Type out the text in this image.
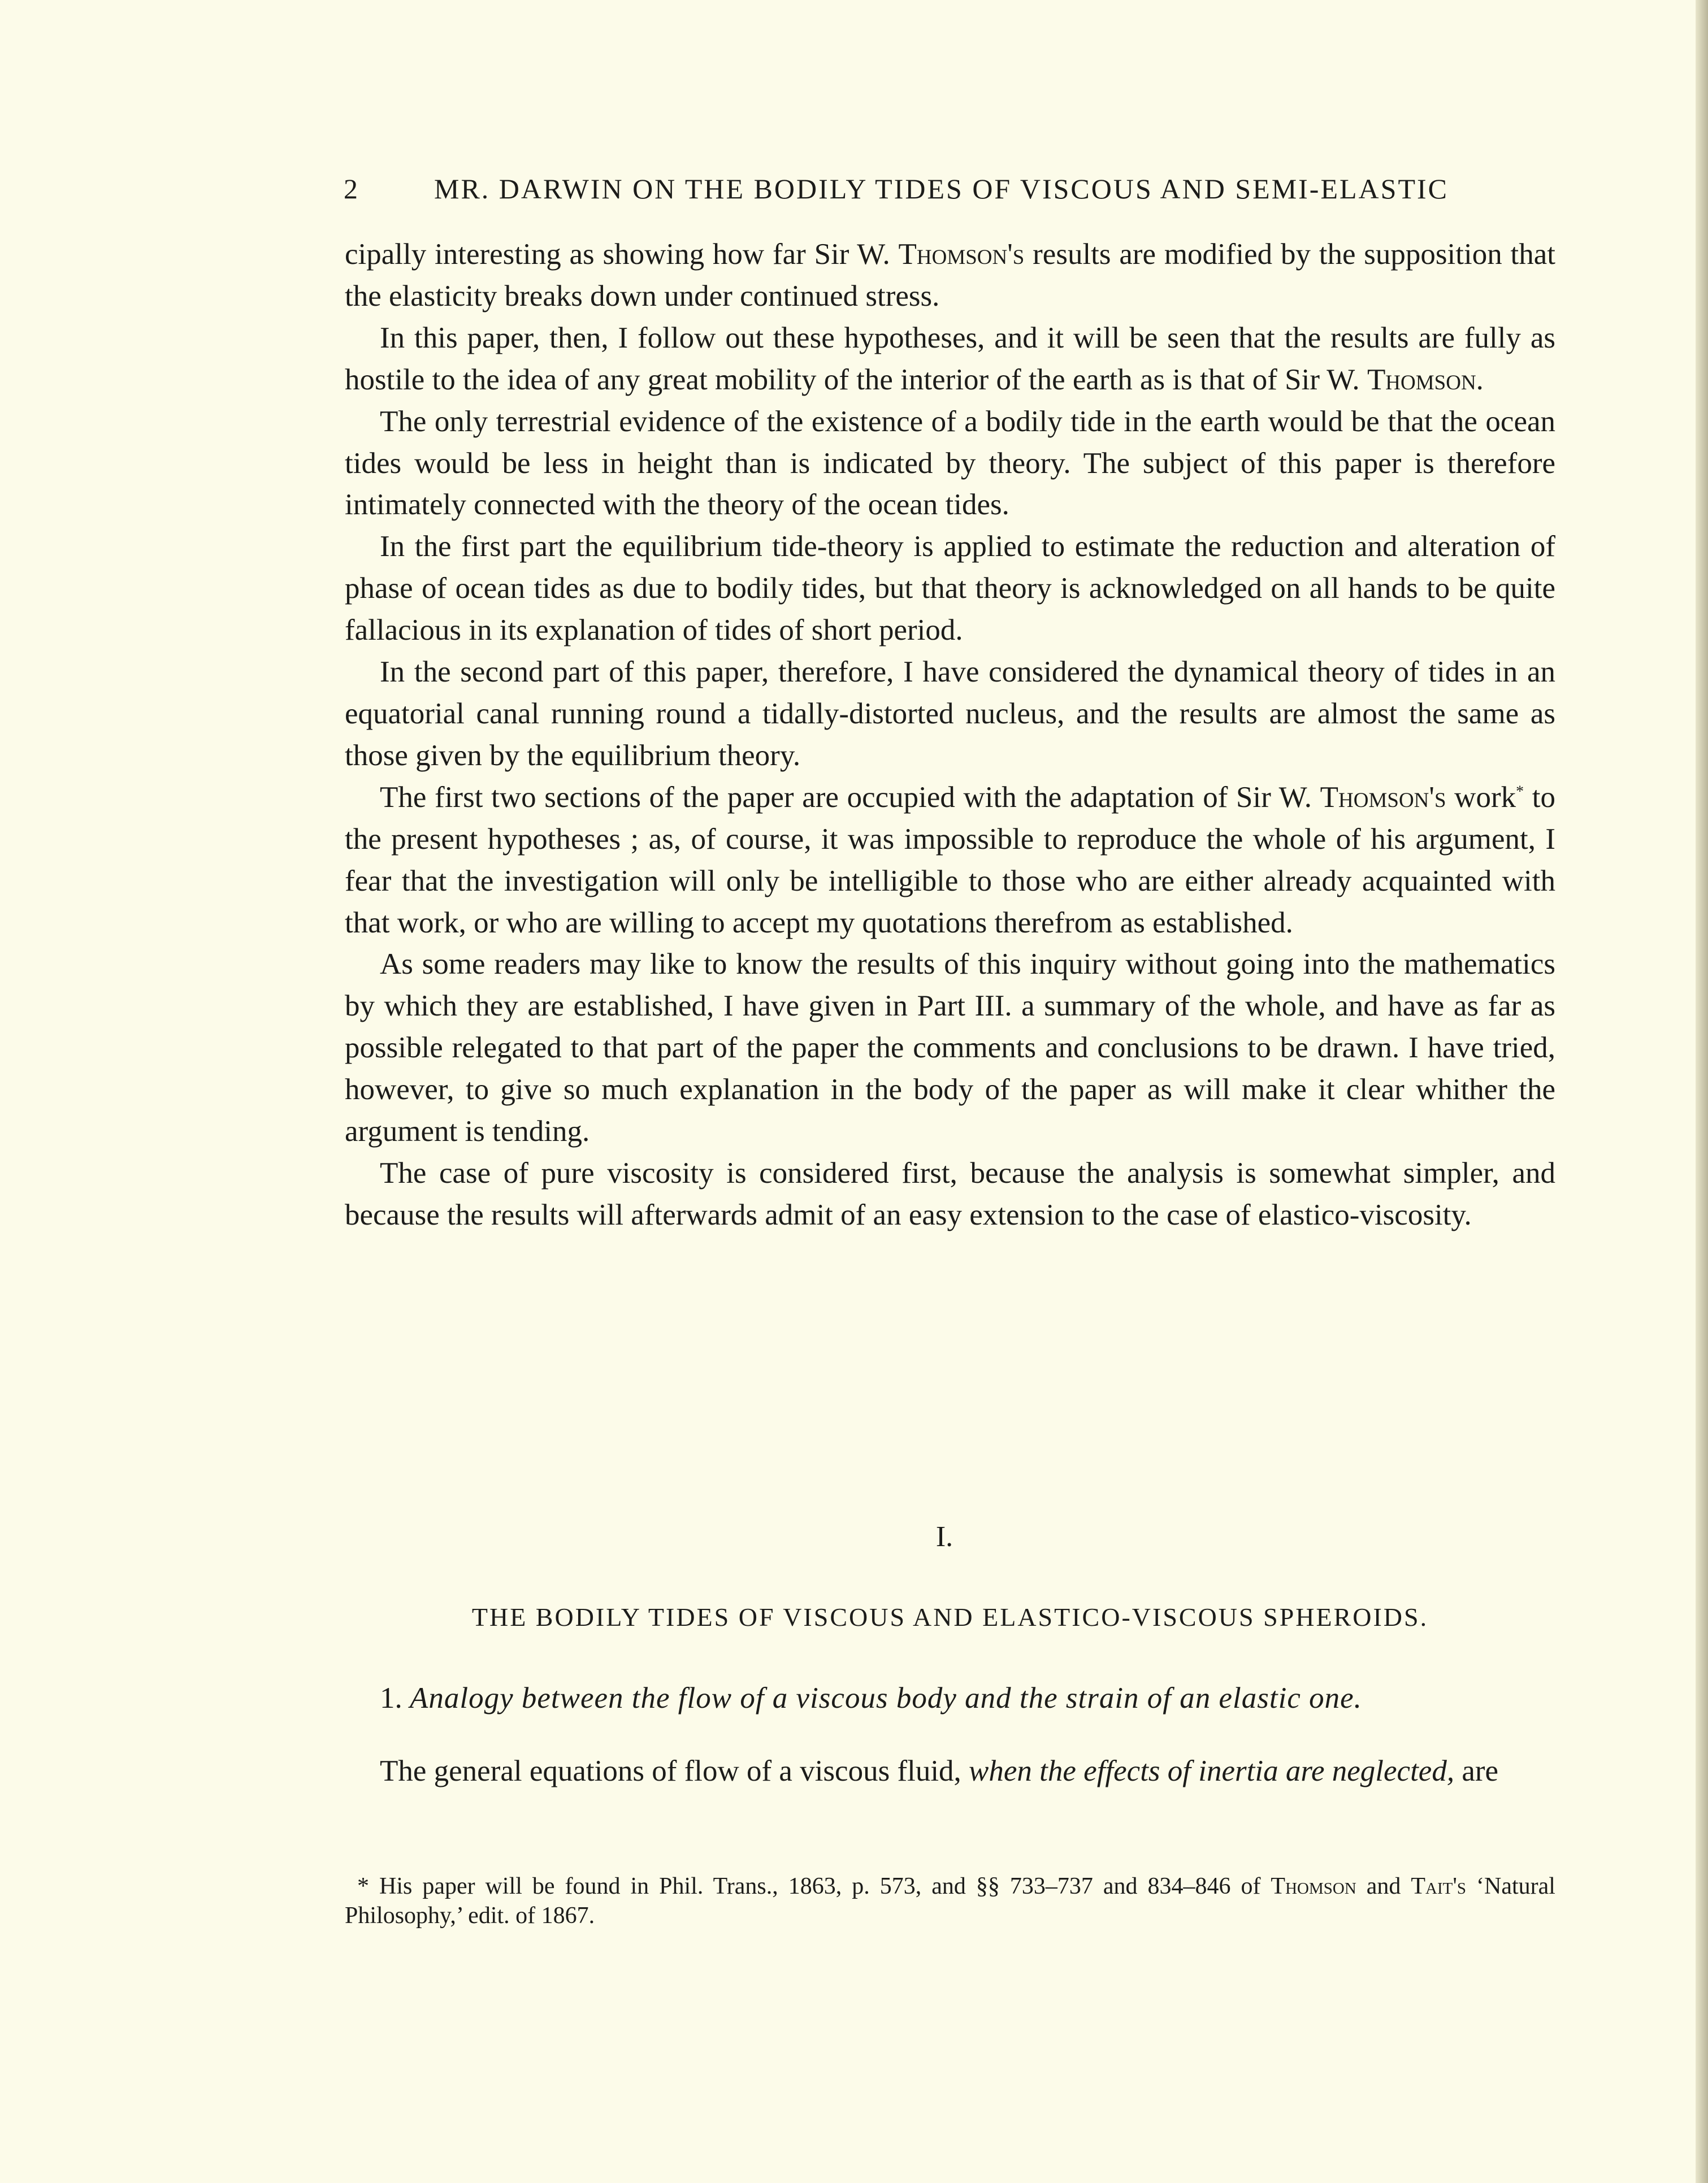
2	MR. DARWIN ON THE BODILY TIDES OF VISCOUS AND SEMI-ELASTIC

cipally interesting as showing how far Sir W. Thomson's results are modified by the supposition that the elasticity breaks down under continued stress.

In this paper, then, I follow out these hypotheses, and it will be seen that the results are fully as hostile to the idea of any great mobility of the interior of the earth as is that of Sir W. Thomson.

The only terrestrial evidence of the existence of a bodily tide in the earth would be that the ocean tides would be less in height than is indicated by theory. The subject of this paper is therefore intimately connected with the theory of the ocean tides.

In the first part the equilibrium tide-theory is applied to estimate the reduction and alteration of phase of ocean tides as due to bodily tides, but that theory is acknowledged on all hands to be quite fallacious in its explanation of tides of short period.

In the second part of this paper, therefore, I have considered the dynamical theory of tides in an equatorial canal running round a tidally-distorted nucleus, and the results are almost the same as those given by the equilibrium theory.

The first two sections of the paper are occupied with the adaptation of Sir W. Thomson's work* to the present hypotheses ; as, of course, it was impossible to reproduce the whole of his argument, I fear that the investigation will only be intelligible to those who are either already acquainted with that work, or who are willing to accept my quotations therefrom as established.

As some readers may like to know the results of this inquiry without going into the mathematics by which they are established, I have given in Part III. a summary of the whole, and have as far as possible relegated to that part of the paper the comments and conclusions to be drawn. I have tried, however, to give so much explanation in the body of the paper as will make it clear whither the argument is tending.

The case of pure viscosity is considered first, because the analysis is somewhat simpler, and because the results will afterwards admit of an easy extension to the case of elastico-viscosity.

I.
THE BODILY TIDES OF VISCOUS AND ELASTICO-VISCOUS SPHEROIDS.
1. Analogy between the flow of a viscous body and the strain of an elastic one.
The general equations of flow of a viscous fluid, when the effects of inertia are neglected, are
* His paper will be found in Phil. Trans., 1863, p. 573, and §§ 733–737 and 834–846 of Thomson and Tait's ‘Natural Philosophy,’ edit. of 1867.
